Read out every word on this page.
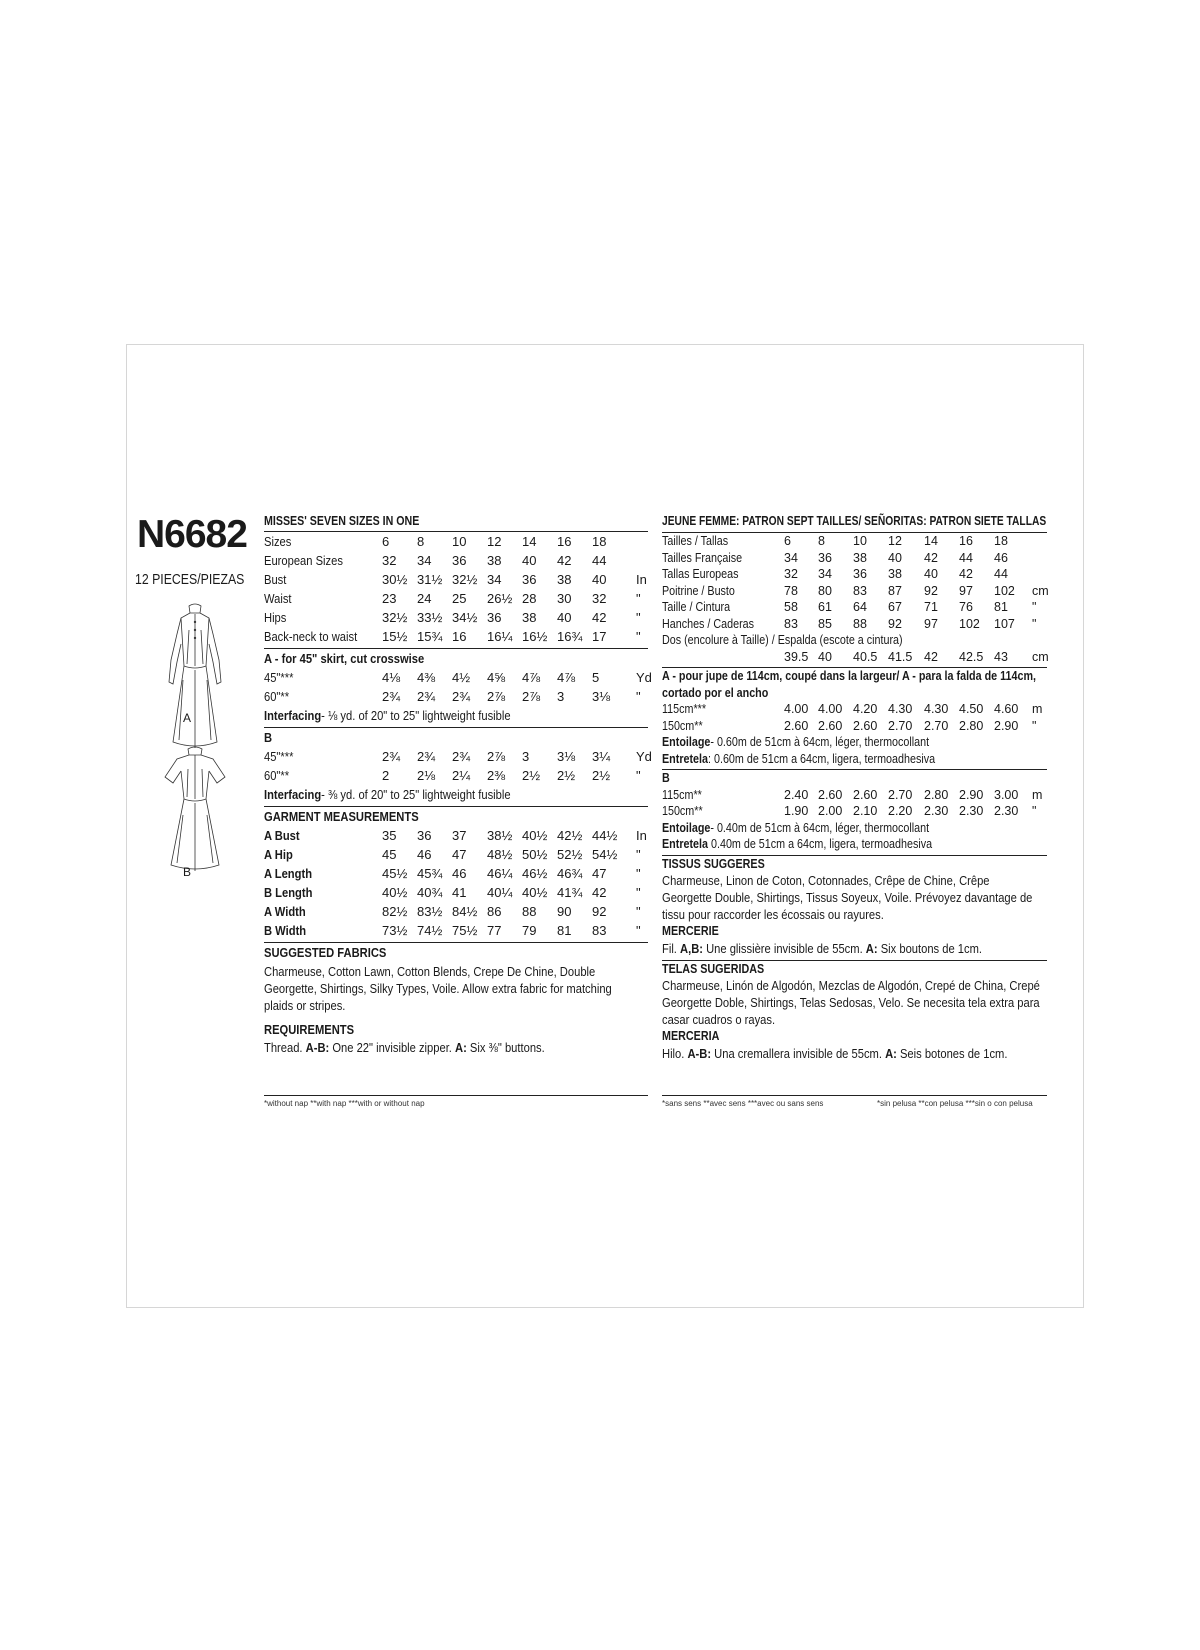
N6682
12 PIECES/PIEZAS
A
B
MISSES' SEVEN SIZES IN ONE
Sizes	6 8 10 12 14 16 18
European Sizes	32 34 36 38 40 42 44
Bust	30½ 31½ 32½ 34 36 38 40 In
Waist	23 24 25 26½ 28 30 32 "
Hips	32½ 33½ 34½ 36 38 40 42 "
Back-neck to waist 15½ 15¾ 16 16¼ 16½ 16¾ 17 "
A - for 45" skirt, cut crosswise
45"***	4⅛ 4⅜ 4½ 4⅝ 4⅞ 4⅞ 5	Yd
60"**	2¾ 2¾ 2¾ 2⅞ 2⅞ 3 3⅛ "
Interfacing- ⅛ yd. of 20" to 25" lightweight fusible
B
45"***	2¾ 2¾ 2¾ 2⅞ 3 3⅛ 3¼ Yd
60"**	2 2⅛ 2¼ 2⅜ 2½ 2½ 2½ "
Interfacing- ⅜ yd. of 20" to 25" lightweight fusible
GARMENT MEASUREMENTS
A Bust	35 36 37 38½ 40½ 42½ 44½ In
A Hip	45 46 47 48½ 50½ 52½ 54½ "
A Length	45½ 45¾ 46 46¼ 46½ 46¾ 47 "
B Length	40½ 40¾ 41 40¼ 40½ 41¾ 42 "
A Width	82½ 83½ 84½ 86 88 90 92 "
B Width	73½ 74½ 75½ 77 79 81 83 "
SUGGESTED FABRICS
Charmeuse, Cotton Lawn, Cotton Blends, Crepe De Chine, Double Georgette, Shirtings, Silky Types, Voile. Allow extra fabric for matching plaids or stripes.
REQUIREMENTS
Thread. A-B: One 22" invisible zipper. A: Six ⅜" buttons.
*without nap **with nap ***with or without nap
JEUNE FEMME: PATRON SEPT TAILLES/ SEÑORITAS: PATRON SIETE TALLAS
Tailles / Tallas	6 8 10 12 14 16 18
Tailles Française	34 36 38 40 42 44 46
Tallas Europeas	32 34 36 38 40 42 44
Poitrine / Busto	78 80 83 87 92 97 102 cm
Taille / Cintura	58 61 64 67 71 76 81 "
Hanches / Caderas 83 85 88 92 97 102 107 "
Dos (encolure à Taille) / Espalda (escote a cintura)
39.5 40 40.5 41.5 42 42.5 43 cm
A - pour jupe de 114cm, coupé dans la largeur/ A - para la falda de 114cm,
cortado por el ancho
115cm***	4.00 4.00 4.20 4.30 4.30 4.50 4.60 m
150cm**	2.60 2.60 2.60 2.70 2.70 2.80 2.90 "
Entoilage- 0.60m de 51cm à 64cm, léger, thermocollant
Entretela: 0.60m de 51cm a 64cm, ligera, termoadhesiva
B
115cm**	2.40 2.60 2.60 2.70 2.80 2.90 3.00 m
150cm**	1.90 2.00 2.10 2.20 2.30 2.30 2.30 "
Entoilage- 0.40m de 51cm à 64cm, léger, thermocollant
Entretela 0.40m de 51cm a 64cm, ligera, termoadhesiva
TISSUS SUGGERES
Charmeuse, Linon de Coton, Cotonnades, Crêpe de Chine, Crêpe Georgette Double, Shirtings, Tissus Soyeux, Voile. Prévoyez davantage de tissu pour raccorder les écossais ou rayures.
MERCERIE
Fil. A,B: Une glissière invisible de 55cm. A: Six boutons de 1cm.
TELAS SUGERIDAS
Charmeuse, Linón de Algodón, Mezclas de Algodón, Crepé de China, Crepé Georgette Doble, Shirtings, Telas Sedosas, Velo. Se necesita tela extra para casar cuadros o rayas.
MERCERIA
Hilo. A-B: Una cremallera invisible de 55cm. A: Seis botones de 1cm.
*sans sens **avec sens ***avec ou sans sens	*sin pelusa **con pelusa ***sin o con pelusa
